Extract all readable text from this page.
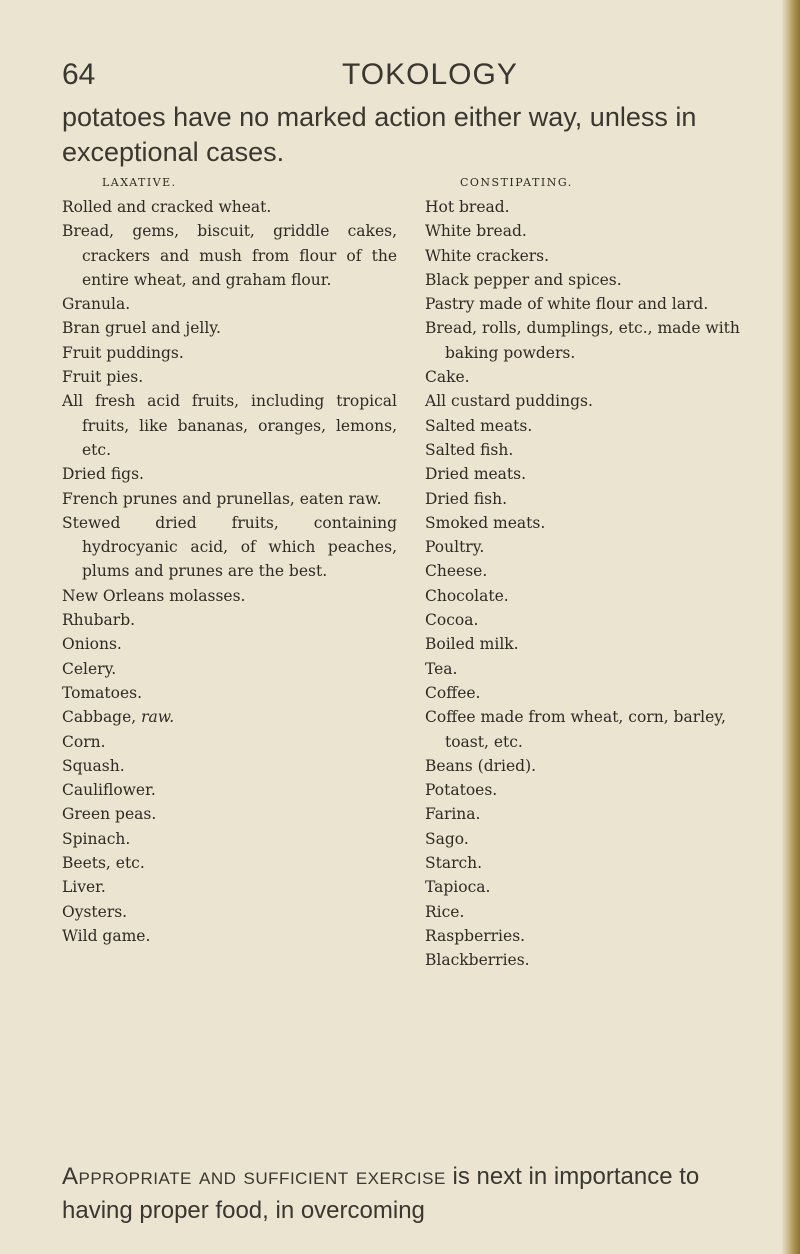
64	TOKOLOGY
potatoes have no marked action either way, unless in exceptional cases.
LAXATIVE.
Rolled and cracked wheat.
Bread, gems, biscuit, griddle cakes, crackers and mush from flour of the entire wheat, and graham flour.
Granula.
Bran gruel and jelly.
Fruit puddings.
Fruit pies.
All fresh acid fruits, including tropical fruits, like bananas, oranges, lemons, etc.
Dried figs.
French prunes and prunellas, eaten raw.
Stewed dried fruits, containing hydrocyanic acid, of which peaches, plums and prunes are the best.
New Orleans molasses.
Rhubarb.
Onions.
Celery.
Tomatoes.
Cabbage, raw.
Corn.
Squash.
Cauliflower.
Green peas.
Spinach.
Beets, etc.
Liver.
Oysters.
Wild game.
CONSTIPATING.
Hot bread.
White bread.
White crackers.
Black pepper and spices.
Pastry made of white flour and lard.
Bread, rolls, dumplings, etc., made with baking powders.
Cake.
All custard puddings.
Salted meats.
Salted fish.
Dried meats.
Dried fish.
Smoked meats.
Poultry.
Cheese.
Chocolate.
Cocoa.
Boiled milk.
Tea.
Coffee.
Coffee made from wheat, corn, barley, toast, etc.
Beans (dried).
Potatoes.
Farina.
Sago.
Starch.
Tapioca.
Rice.
Raspberries.
Blackberries.
Appropriate and sufficient exercise is next in importance to having proper food, in overcoming
